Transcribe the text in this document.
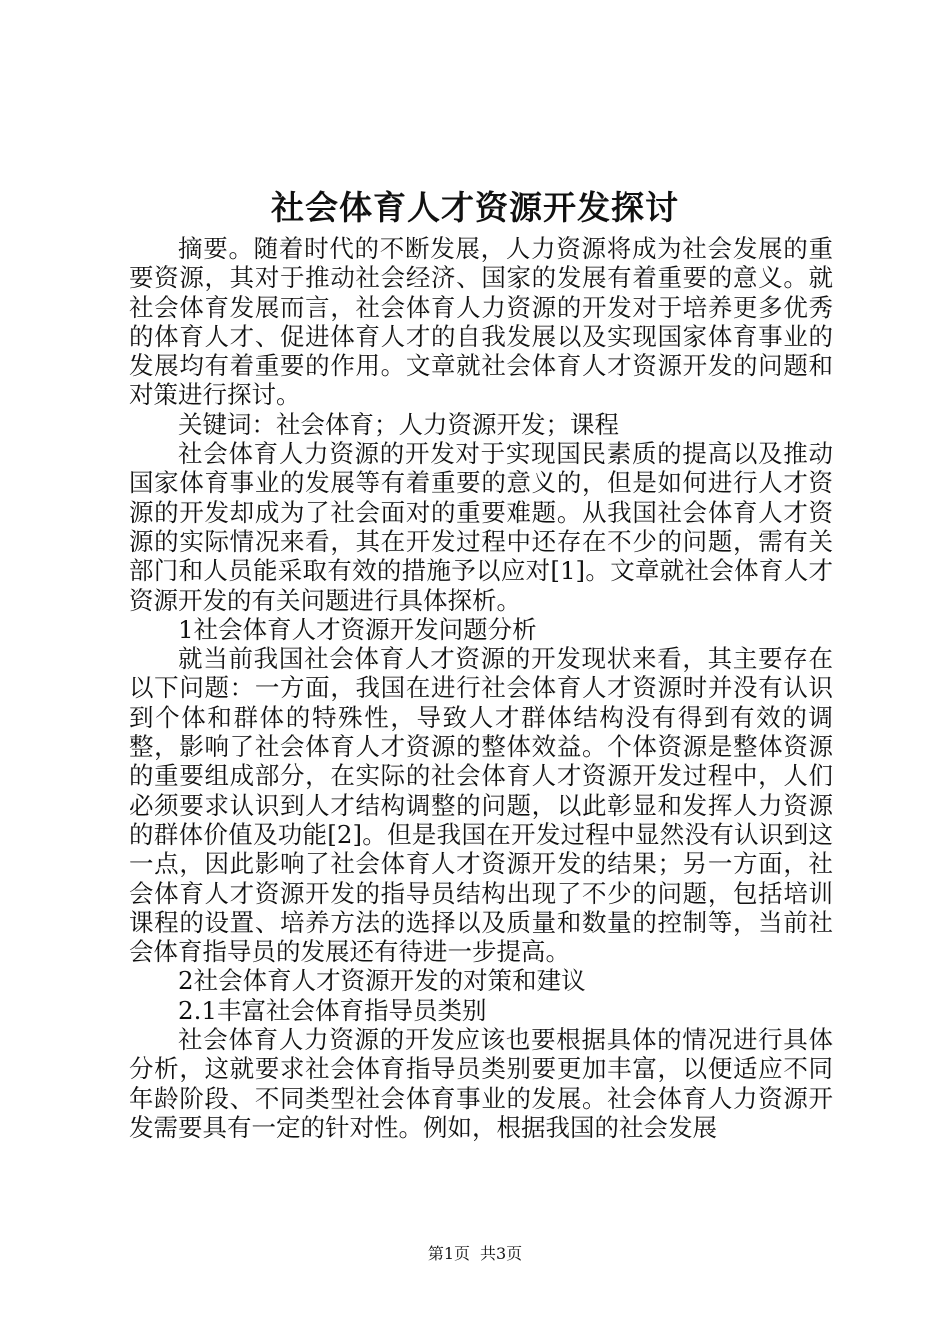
社会体育人才资源开发探讨

摘要。随着时代的不断发展，人力资源将成为社会发展的重要资源，其对于推动社会经济、国家的发展有着重要的意义。就社会体育发展而言，社会体育人力资源的开发对于培养更多优秀的体育人才、促进体育人才的自我发展以及实现国家体育事业的发展均有着重要的作用。文章就社会体育人才资源开发的问题和对策进行探讨。

关键词：社会体育；人力资源开发；课程

社会体育人力资源的开发对于实现国民素质的提高以及推动国家体育事业的发展等有着重要的意义的，但是如何进行人才资源的开发却成为了社会面对的重要难题。从我国社会体育人才资源的实际情况来看，其在开发过程中还存在不少的问题，需有关部门和人员能采取有效的措施予以应对[1]。文章就社会体育人才资源开发的有关问题进行具体探析。

1社会体育人才资源开发问题分析

就当前我国社会体育人才资源的开发现状来看，其主要存在以下问题：一方面，我国在进行社会体育人才资源时并没有认识到个体和群体的特殊性，导致人才群体结构没有得到有效的调整，影响了社会体育人才资源的整体效益。个体资源是整体资源的重要组成部分，在实际的社会体育人才资源开发过程中，人们必须要求认识到人才结构调整的问题，以此彰显和发挥人力资源的群体价值及功能[2]。但是我国在开发过程中显然没有认识到这一点，因此影响了社会体育人才资源开发的结果；另一方面，社会体育人才资源开发的指导员结构出现了不少的问题，包括培训课程的设置、培养方法的选择以及质量和数量的控制等，当前社会体育指导员的发展还有待进一步提高。

2社会体育人才资源开发的对策和建议

2.1丰富社会体育指导员类别

社会体育人力资源的开发应该也要根据具体的情况进行具体分析，这就要求社会体育指导员类别要更加丰富，以便适应不同年龄阶段、不同类型社会体育事业的发展。社会体育人力资源开发需要具有一定的针对性。例如，根据我国的社会发展

第1页 共3页
